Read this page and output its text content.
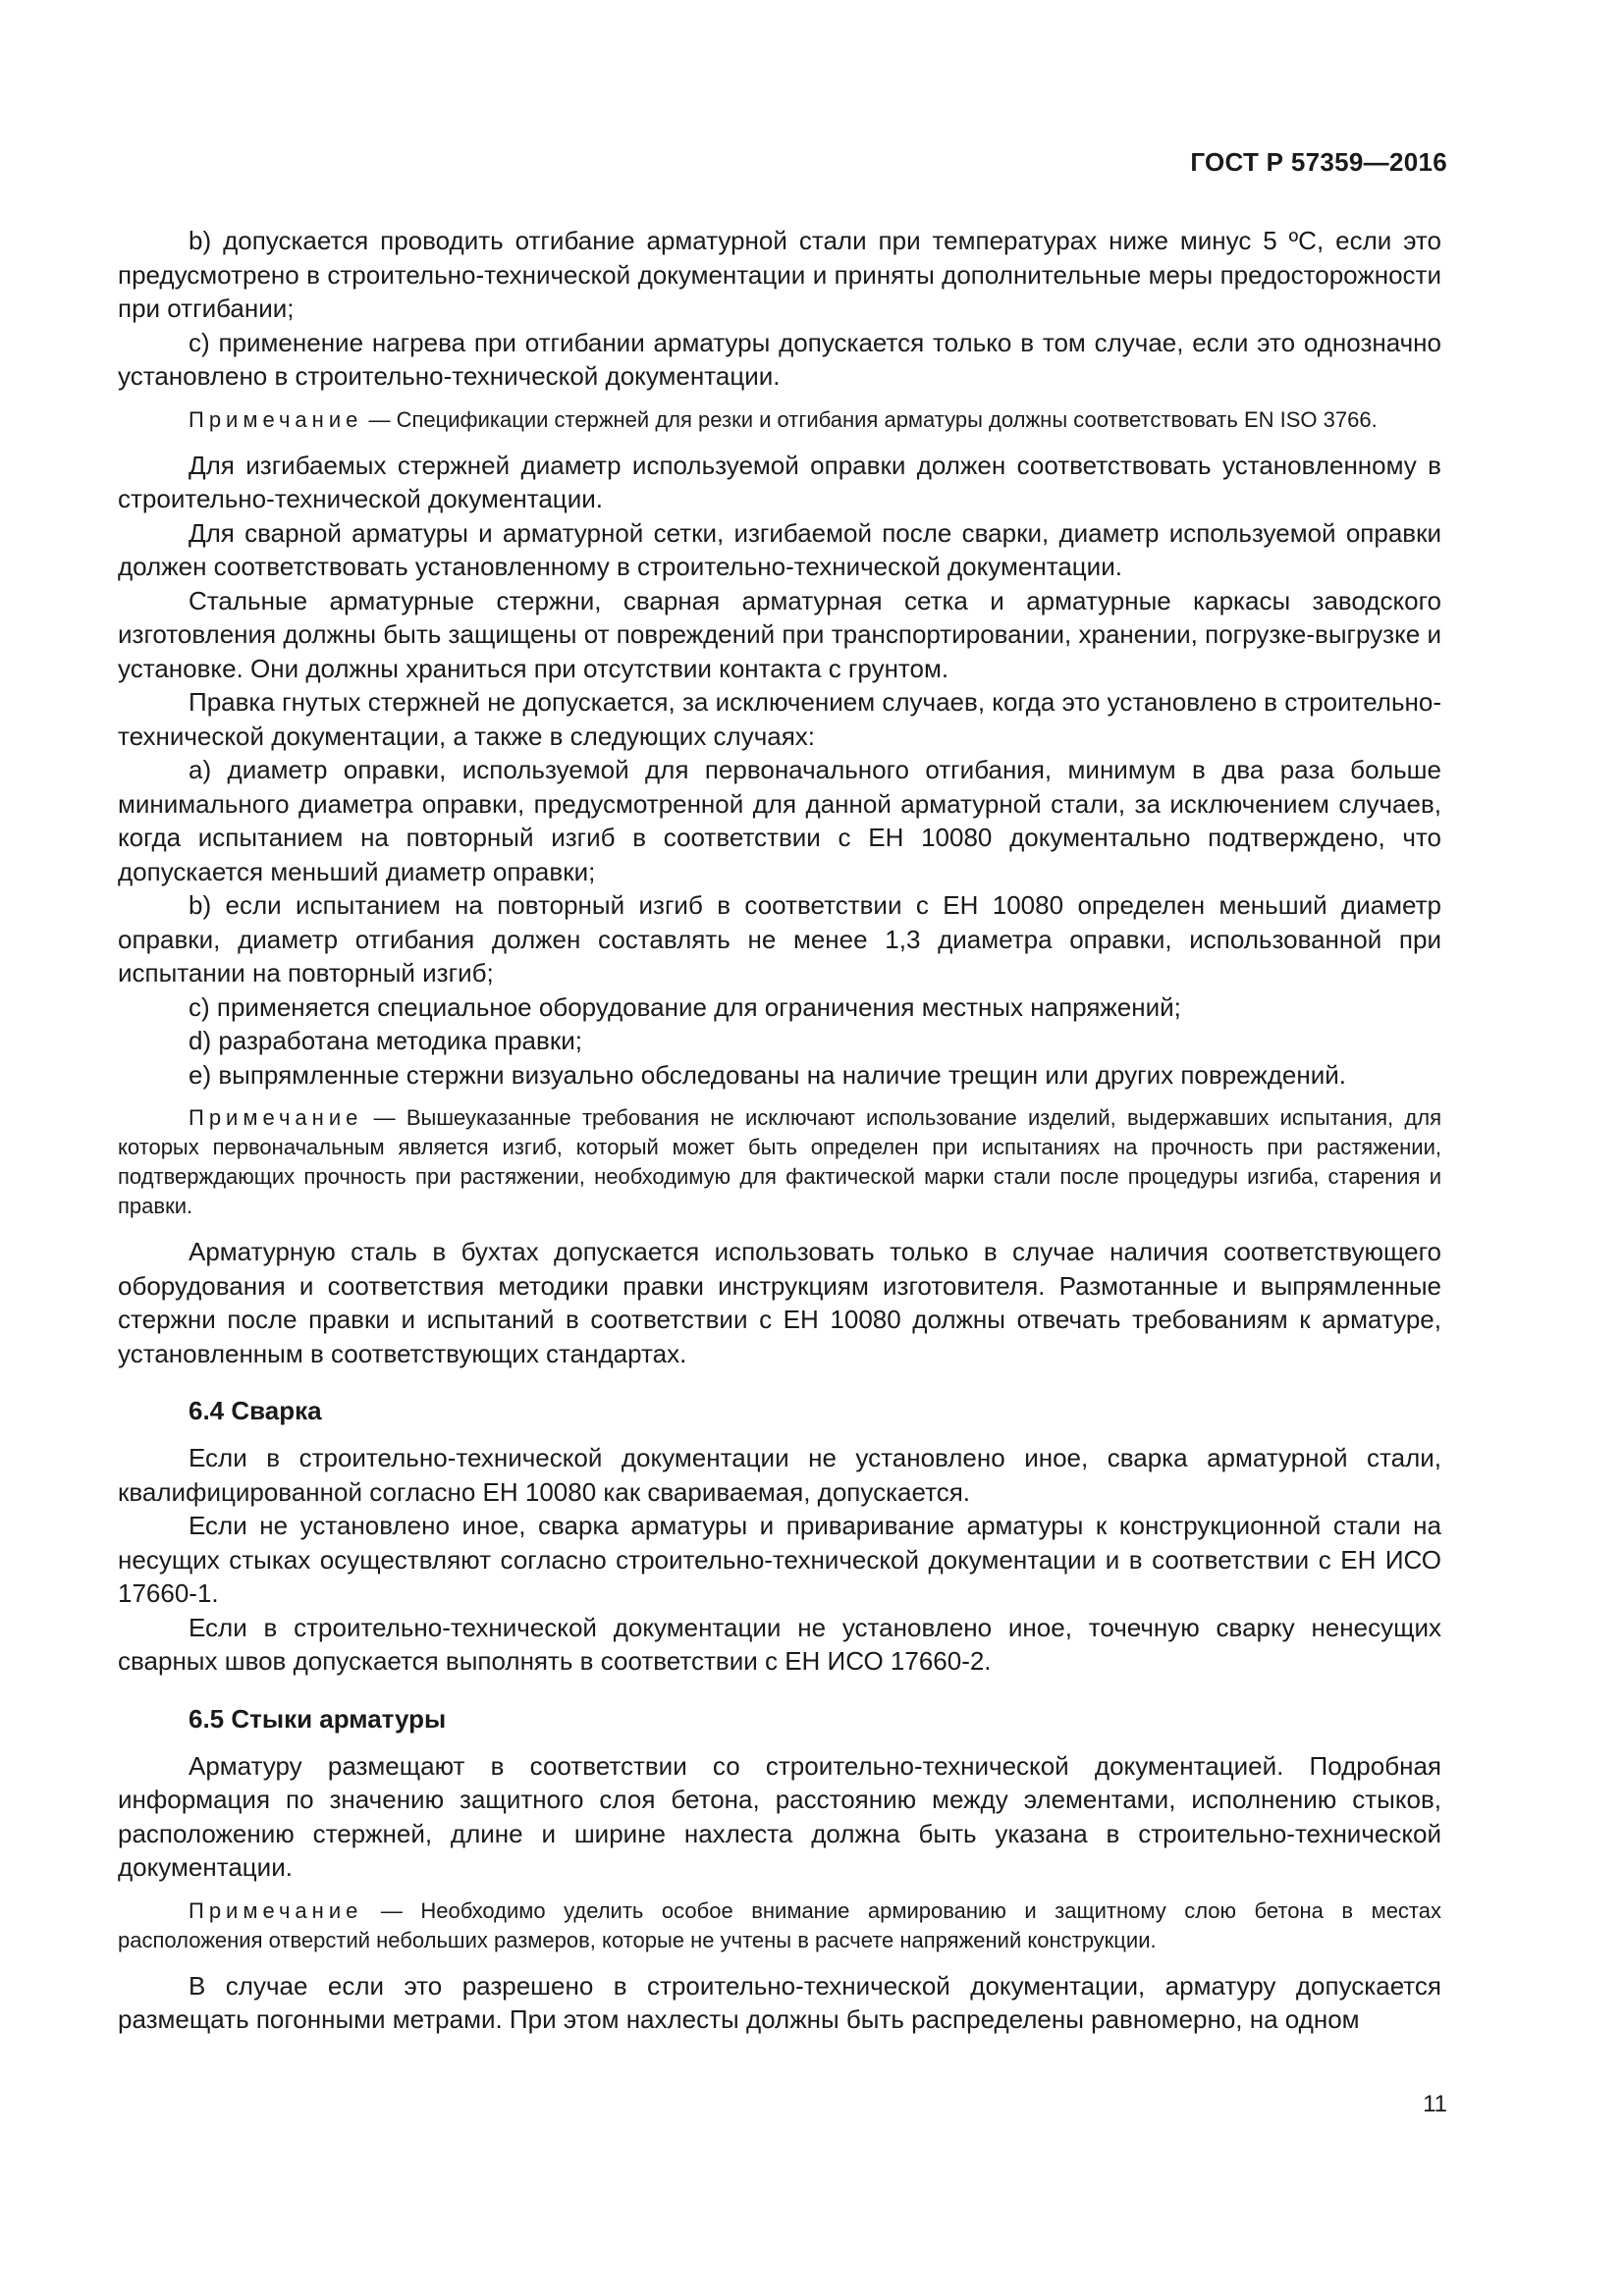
ГОСТ Р 57359—2016

b) допускается проводить отгибание арматурной стали при температурах ниже минус 5 ºС, если это предусмотрено в строительно-технической документации и приняты дополнительные меры предосторожности при отгибании;

c) применение нагрева при отгибании арматуры допускается только в том случае, если это однозначно установлено в строительно-технической документации.

Примечание — Спецификации стержней для резки и отгибания арматуры должны соответствовать EN ISO 3766.

Для изгибаемых стержней диаметр используемой оправки должен соответствовать установленному в строительно-технической документации.

Для сварной арматуры и арматурной сетки, изгибаемой после сварки, диаметр используемой оправки должен соответствовать установленному в строительно-технической документации.

Стальные арматурные стержни, сварная арматурная сетка и арматурные каркасы заводского изготовления должны быть защищены от повреждений при транспортировании, хранении, погрузке-выгрузке и установке. Они должны храниться при отсутствии контакта с грунтом.

Правка гнутых стержней не допускается, за исключением случаев, когда это установлено в строительно-технической документации, а также в следующих случаях:

a) диаметр оправки, используемой для первоначального отгибания, минимум в два раза больше минимального диаметра оправки, предусмотренной для данной арматурной стали, за исключением случаев, когда испытанием на повторный изгиб в соответствии с ЕН 10080 документально подтверждено, что допускается меньший диаметр оправки;

b) если испытанием на повторный изгиб в соответствии с ЕН 10080 определен меньший диаметр оправки, диаметр отгибания должен составлять не менее 1,3 диаметра оправки, использованной при испытании на повторный изгиб;

c) применяется специальное оборудование для ограничения местных напряжений;

d) разработана методика правки;

e) выпрямленные стержни визуально обследованы на наличие трещин или других повреждений.

Примечание — Вышеуказанные требования не исключают использование изделий, выдержавших испытания, для которых первоначальным является изгиб, который может быть определен при испытаниях на прочность при растяжении, подтверждающих прочность при растяжении, необходимую для фактической марки стали после процедуры изгиба, старения и правки.

Арматурную сталь в бухтах допускается использовать только в случае наличия соответствующего оборудования и соответствия методики правки инструкциям изготовителя. Размотанные и выпрямленные стержни после правки и испытаний в соответствии с ЕН 10080 должны отвечать требованиям к арматуре, установленным в соответствующих стандартах.

6.4 Сварка

Если в строительно-технической документации не установлено иное, сварка арматурной стали, квалифицированной согласно ЕН 10080 как свариваемая, допускается.

Если не установлено иное, сварка арматуры и приваривание арматуры к конструкционной стали на несущих стыках осуществляют согласно строительно-технической документации и в соответствии с ЕН ИСО 17660-1.

Если в строительно-технической документации не установлено иное, точечную сварку ненесущих сварных швов допускается выполнять в соответствии с ЕН ИСО 17660-2.

6.5 Стыки арматуры

Арматуру размещают в соответствии со строительно-технической документацией. Подробная информация по значению защитного слоя бетона, расстоянию между элементами, исполнению стыков, расположению стержней, длине и ширине нахлеста должна быть указана в строительно-технической документации.

Примечание — Необходимо уделить особое внимание армированию и защитному слою бетона в местах расположения отверстий небольших размеров, которые не учтены в расчете напряжений конструкции.

В случае если это разрешено в строительно-технической документации, арматуру допускается размещать погонными метрами. При этом нахлесты должны быть распределены равномерно, на одном

11
